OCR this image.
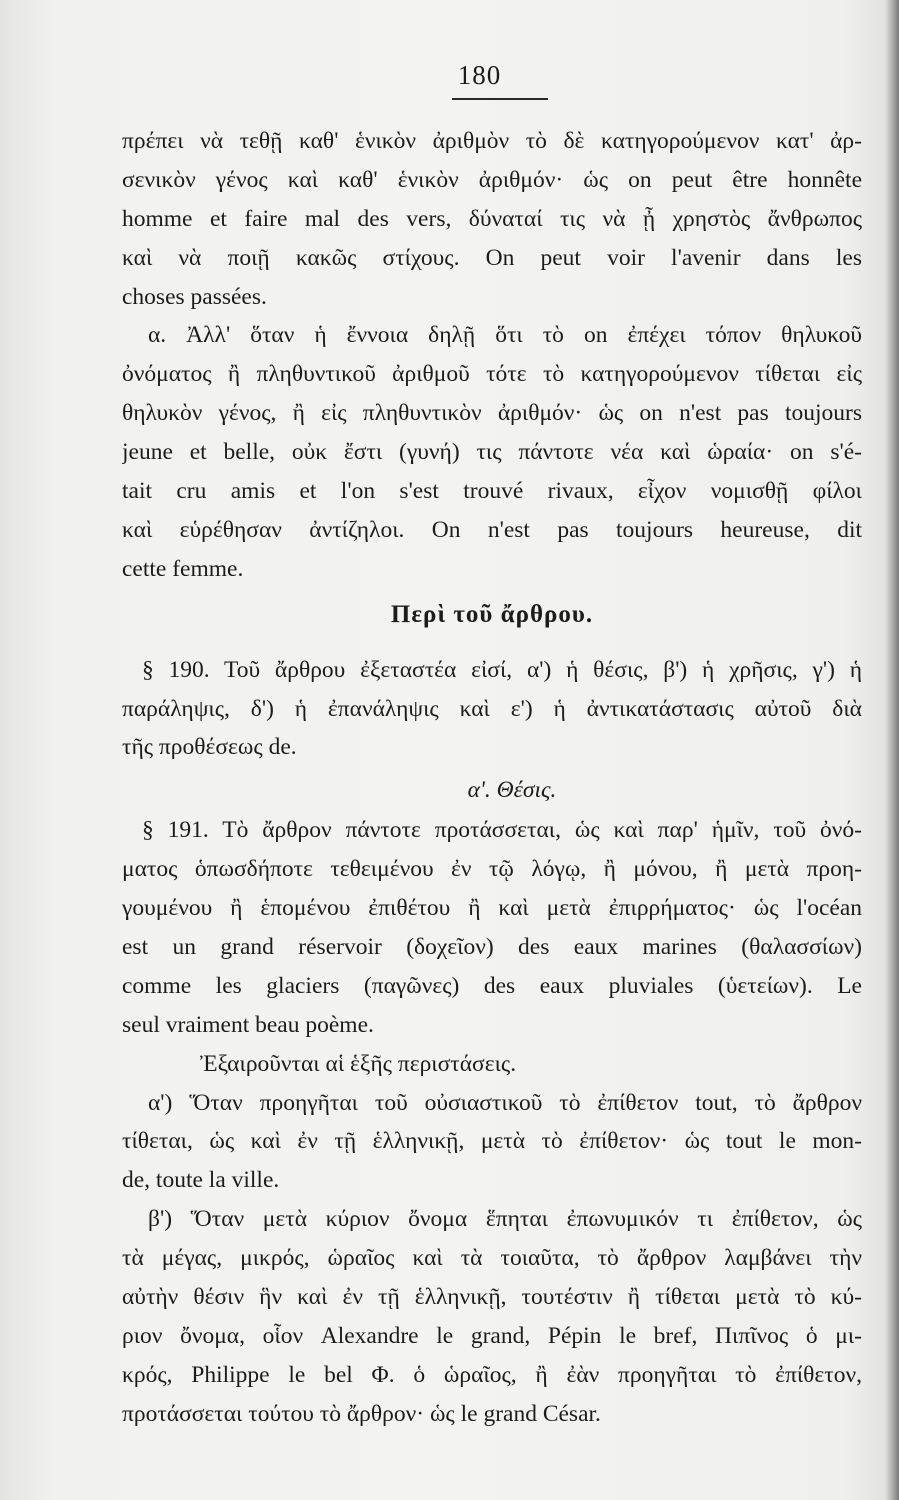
180
πρέπει νὰ τεθῇ καθ' ἑνικὸν ἀριθμὸν τὸ δὲ κατηγορούμενον κατ' ἀρ-
σενικὸν γένος καὶ καθ' ἑνικὸν ἀριθμόν· ὡς on peut être honnête
homme et faire mal des vers, δύναταί τις νὰ ᾖ χρηστὸς ἄνθρωπος
καὶ νὰ ποιῇ κακῶς στίχους. On peut voir l'avenir dans les
choses passées.
α. Ἀλλ' ὅταν ἡ ἔννοια δηλῇ ὅτι τὸ on ἐπέχει τόπον θηλυκοῦ
ὀνόματος ἢ πληθυντικοῦ ἀριθμοῦ τότε τὸ κατηγορούμενον τίθεται εἰς
θηλυκὸν γένος, ἢ εἰς πληθυντικὸν ἀριθμόν· ὡς on n'est pas toujours
jeune et belle, οὐκ ἔστι (γυνή) τις πάντοτε νέα καὶ ὡραία· on s'é-
tait cru amis et l'on s'est trouvé rivaux, εἶχον νομισθῇ φίλοι
καὶ εὑρέθησαν ἀντίζηλοι. On n'est pas toujours heureuse, dit
cette femme.
Περὶ τοῦ ἄρθρου.
§ 190. Τοῦ ἄρθρου ἐξεταστέα εἰσί, α') ἡ θέσις, β') ἡ χρῆσις, γ') ἡ
παράληψις, δ') ἡ ἐπανάληψις καὶ ε') ἡ ἀντικατάστασις αὐτοῦ διὰ
τῆς προθέσεως de.
α'. Θέσις.
§ 191. Τὸ ἄρθρον πάντοτε προτάσσεται, ὡς καὶ παρ' ἡμῖν, τοῦ ὀνό-
ματος ὁπωσδήποτε τεθειμένου ἐν τῷ λόγῳ, ἢ μόνου, ἢ μετὰ προη-
γουμένου ἢ ἑπομένου ἐπιθέτου ἢ καὶ μετὰ ἐπιρρήματος· ὡς l'océan
est un grand réservoir (δοχεῖον) des eaux marines (θαλασσίων)
comme les glaciers (παγῶνες) des eaux pluviales (ὑετείων). Le
seul vraiment beau poème.
Ἐξαιροῦνται αἱ ἑξῆς περιστάσεις.
α') Ὅταν προηγῆται τοῦ οὐσιαστικοῦ τὸ ἐπίθετον tout, τὸ ἄρθρον
τίθεται, ὡς καὶ ἐν τῇ ἑλληνικῇ, μετὰ τὸ ἐπίθετον· ὡς tout le mon-
de, toute la ville.
β') Ὅταν μετὰ κύριον ὄνομα ἕπηται ἐπωνυμικόν τι ἐπίθετον, ὡς
τὰ μέγας, μικρός, ὡραῖος καὶ τὰ τοιαῦτα, τὸ ἄρθρον λαμβάνει τὴν
αὐτὴν θέσιν ἣν καὶ ἐν τῇ ἑλληνικῇ, τουτέστιν ἢ τίθεται μετὰ τὸ κύ-
ριον ὄνομα, οἷον Alexandre le grand, Pépin le bref, Πιπῖνος ὁ μι-
κρός, Philippe le bel Φ. ὁ ὡραῖος, ἢ ἐὰν προηγῆται τὸ ἐπίθετον,
προτάσσεται τούτου τὸ ἄρθρον· ὡς le grand César.
